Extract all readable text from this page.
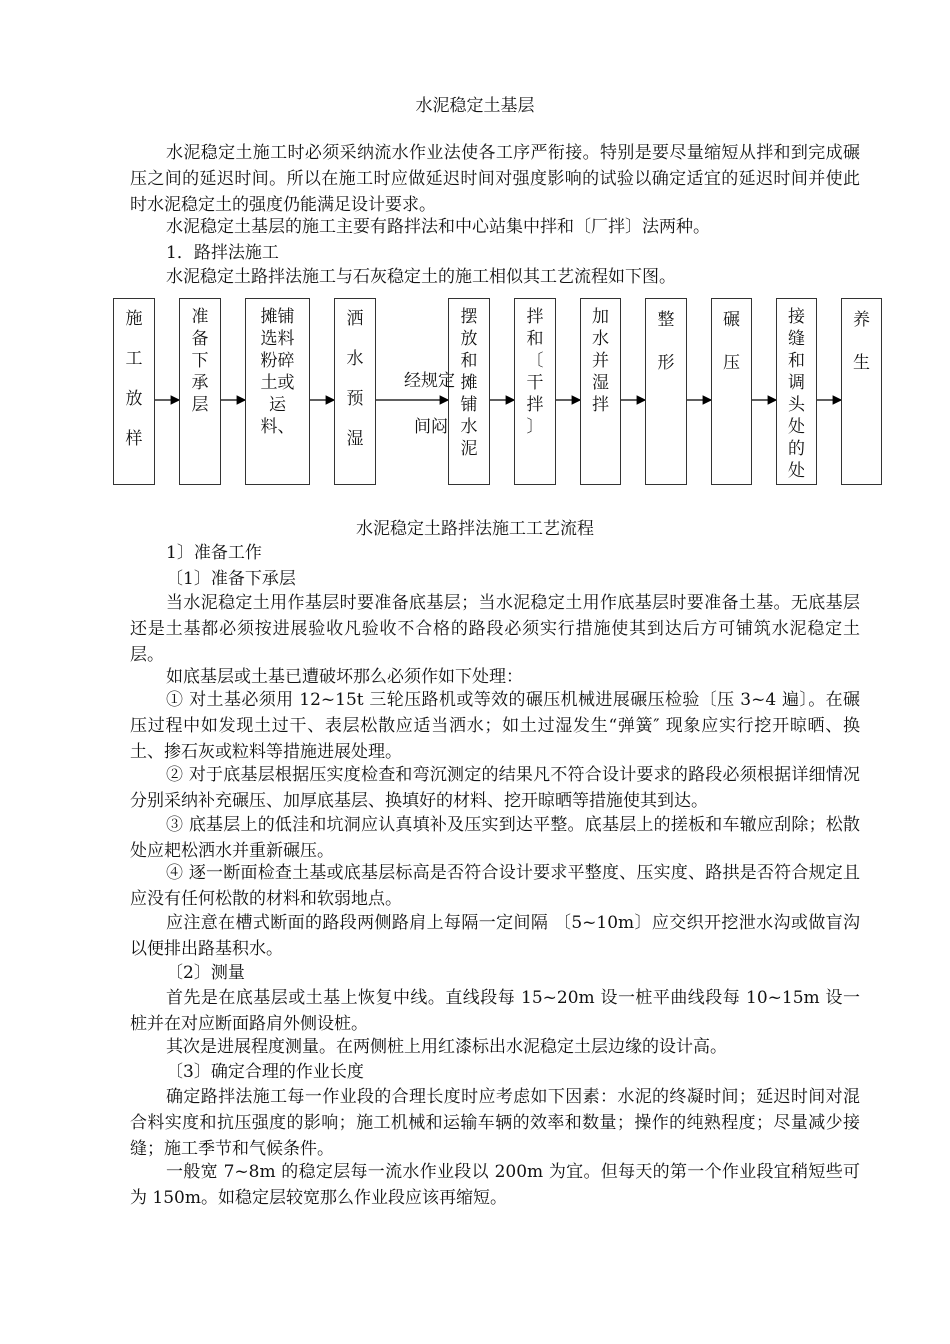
水泥稳定土基层

水泥稳定土施工时必须采纳流水作业法使各工序严衔接。特别是要尽量缩短从拌和到完成碾压之间的延迟时间。所以在施工时应做延迟时间对强度影响的试验以确定适宜的延迟时间并使此时水泥稳定土的强度仍能满足设计要求。

水泥稳定土基层的施工主要有路拌法和中心站集中拌和〔厂拌〕法两种。

1．路拌法施工

水泥稳定土路拌法施工与石灰稳定土的施工相似其工艺流程如下图。

施
工
放
样
准
备
下
承
层
摊铺
选料
粉碎
土或
运
料、
洒
水
预
湿
摆
放
和
摊
铺
水
泥
拌
和
〔
干
拌
〕
加
水
并
湿
拌
整
形
碾
压
接
缝
和
调
头
处
的
处
养
生
经规定
间闷
水泥稳定土路拌法施工工艺流程

1〕准备工作

〔1〕准备下承层

当水泥稳定土用作基层时要准备底基层；当水泥稳定土用作底基层时要准备土基。无底基层还是土基都必须按进展验收凡验收不合格的路段必须实行措施使其到达后方可铺筑水泥稳定土层。

如底基层或土基已遭破坏那么必须作如下处理：

① 对土基必须用 12~15t 三轮压路机或等效的碾压机械进展碾压检验〔压 3~4 遍〕。在碾压过程中如发现土过干、表层松散应适当洒水；如土过湿发生“弹簧″ 现象应实行挖开晾晒、换土、掺石灰或粒料等措施进展处理。

② 对于底基层根据压实度检查和弯沉测定的结果凡不符合设计要求的路段必须根据详细情况分别采纳补充碾压、加厚底基层、换填好的材料、挖开晾晒等措施使其到达。

③ 底基层上的低洼和坑洞应认真填补及压实到达平整。底基层上的搓板和车辙应刮除；松散处应耙松洒水并重新碾压。

④ 逐一断面检查土基或底基层标高是否符合设计要求平整度、压实度、路拱是否符合规定且应没有任何松散的材料和软弱地点。

应注意在槽式断面的路段两侧路肩上每隔一定间隔 〔5~10m〕应交织开挖泄水沟或做盲沟以便排出路基积水。

〔2〕测量

首先是在底基层或土基上恢复中线。直线段每 15~20m 设一桩平曲线段每 10~15m 设一桩并在对应断面路肩外侧设桩。

其次是进展程度测量。在两侧桩上用红漆标出水泥稳定土层边缘的设计高。

〔3〕确定合理的作业长度

确定路拌法施工每一作业段的合理长度时应考虑如下因素：水泥的终凝时间；延迟时间对混合料实度和抗压强度的影响；施工机械和运输车辆的效率和数量；操作的纯熟程度；尽量减少接缝；施工季节和气候条件。

一般宽 7~8m 的稳定层每一流水作业段以 200m 为宜。但每天的第一个作业段宜稍短些可为 150m。如稳定层较宽那么作业段应该再缩短。
